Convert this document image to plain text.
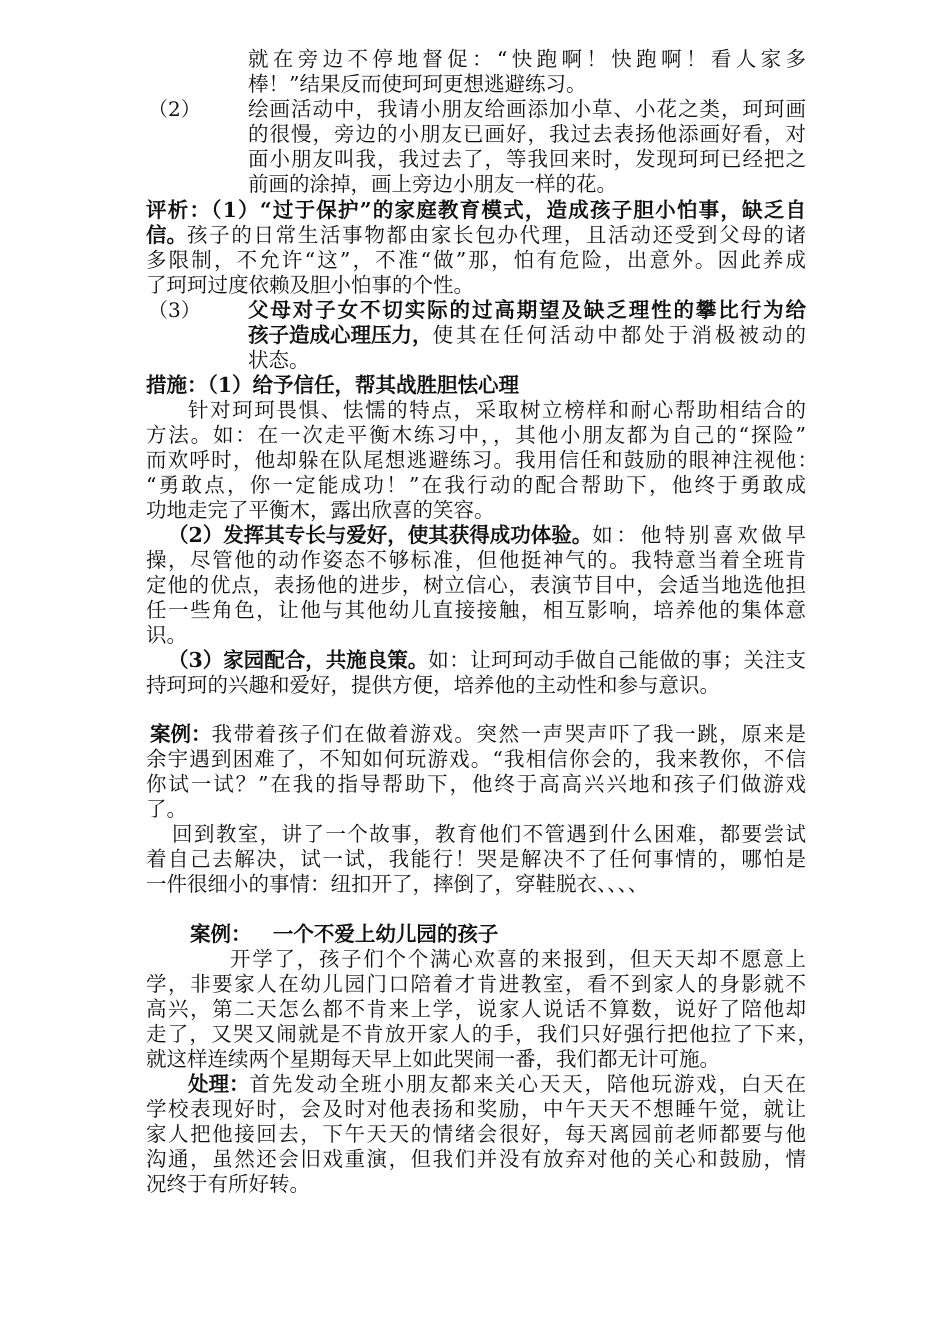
就在旁边不停地督促：“快跑啊！快跑啊！看人家多
棒！”结果反而使珂珂更想逃避练习。
（2） 绘画活动中，我请小朋友给画添加小草、小花之类，珂珂画
的很慢，旁边的小朋友已画好，我过去表扬他添画好看，对
面小朋友叫我，我过去了，等我回来时，发现珂珂已经把之
前画的涂掉，画上旁边小朋友一样的花。
评析：（1）“过于保护”的家庭教育模式，造成孩子胆小怕事，缺乏自
信。 孩子的日常生活事物都由家长包办代理，且活动还受到父母的诸
多限制，不允许“这”，不准“做”那，怕有危险，出意外。因此养成
了珂珂过度依赖及胆小怕事的个性。
（3） 父母对子女不切实际的过高期望及缺乏理性的攀比行为给
孩子造成心理压力， 使其在任何活动中都处于消极被动的
状态。
措施：（1）给予信任，帮其战胜胆怯心理
针对珂珂畏惧、怯懦的特点，采取树立榜样和耐心帮助相结合的
方法。如：在一次走平衡木练习中，，其他小朋友都为自己的“探险”
而欢呼时，他却躲在队尾想逃避练习。我用信任和鼓励的眼神注视他：
“勇敢点，你一定能成功！”在我行动的配合帮助下，他终于勇敢成
功地走完了平衡木，露出欣喜的笑容。
（2）发挥其专长与爱好，使其获得成功体验。 如：他特别喜欢做早
操，尽管他的动作姿态不够标准，但他挺神气的。我特意当着全班肯
定他的优点，表扬他的进步，树立信心，表演节目中，会适当地选他担
任一些角色，让他与其他幼儿直接接触，相互影响，培养他的集体意
识。
（3）家园配合，共施良策。 如：让珂珂动手做自己能做的事；关注支
持珂珂的兴趣和爱好，提供方便，培养他的主动性和参与意识。
案例： 我带着孩子们在做着游戏。突然一声哭声吓了我一跳，原来是
余宇遇到困难了，不知如何玩游戏。“我相信你会的，我来教你，不信
你试一试？”在我的指导帮助下，他终于高高兴兴地和孩子们做游戏
了。
回到教室，讲了一个故事，教育他们不管遇到什么困难，都要尝试
着自己去解决，试一试，我能行！哭是解决不了任何事情的，哪怕是
一件很细小的事情：纽扣开了，摔倒了，穿鞋脱衣、、、、
案例：   一个不爱上幼儿园的孩子
开学了，孩子们个个满心欢喜的来报到，但天天却不愿意上
学，非要家人在幼儿园门口陪着才肯进教室，看不到家人的身影就不
高兴，第二天怎么都不肯来上学，说家人说话不算数，说好了陪他却
走了，又哭又闹就是不肯放开家人的手，我们只好强行把他拉了下来，
就这样连续两个星期每天早上如此哭闹一番，我们都无计可施。
处理： 首先发动全班小朋友都来关心天天，陪他玩游戏，白天在
学校表现好时，会及时对他表扬和奖励，中午天天不想睡午觉，就让
家人把他接回去，下午天天的情绪会很好，每天离园前老师都要与他
沟通，虽然还会旧戏重演，但我们并没有放弃对他的关心和鼓励，情
况终于有所好转。
